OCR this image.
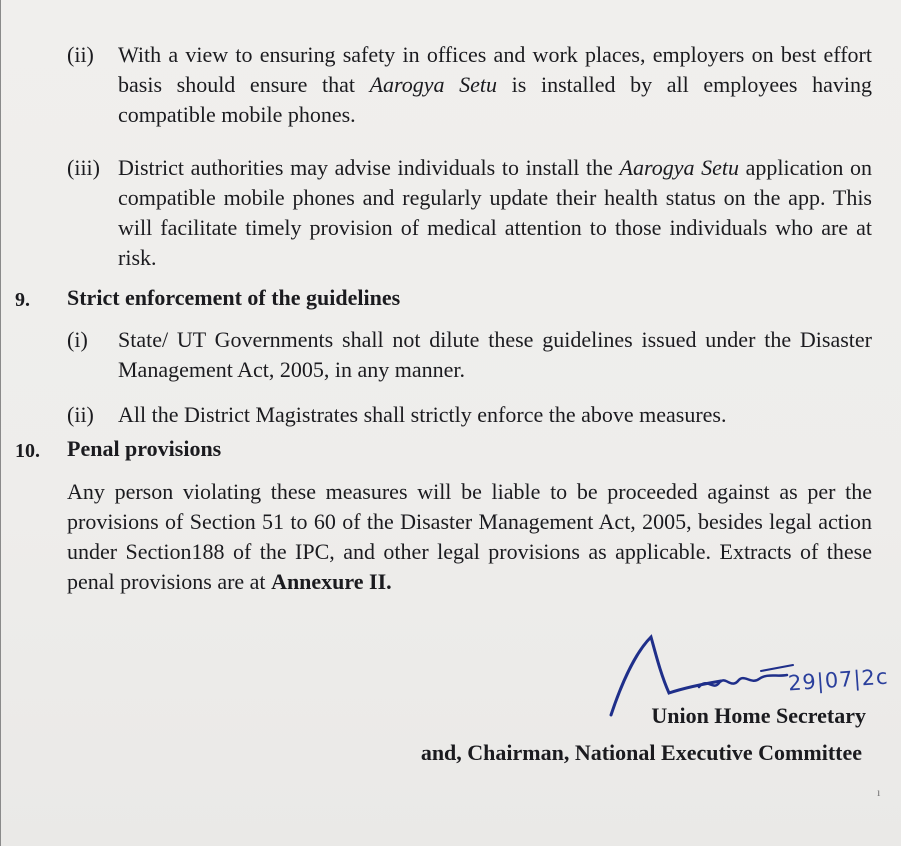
(ii) With a view to ensuring safety in offices and work places, employers on best effort basis should ensure that Aarogya Setu is installed by all employees having compatible mobile phones.
(iii) District authorities may advise individuals to install the Aarogya Setu application on compatible mobile phones and regularly update their health status on the app. This will facilitate timely provision of medical attention to those individuals who are at risk.
9. Strict enforcement of the guidelines
(i) State/ UT Governments shall not dilute these guidelines issued under the Disaster Management Act, 2005, in any manner.
(ii) All the District Magistrates shall strictly enforce the above measures.
10. Penal provisions
Any person violating these measures will be liable to be proceeded against as per the provisions of Section 51 to 60 of the Disaster Management Act, 2005, besides legal action under Section188 of the IPC, and other legal provisions as applicable. Extracts of these penal provisions are at Annexure II.
29|07|2c
Union Home Secretary
and, Chairman, National Executive Committee
ı
